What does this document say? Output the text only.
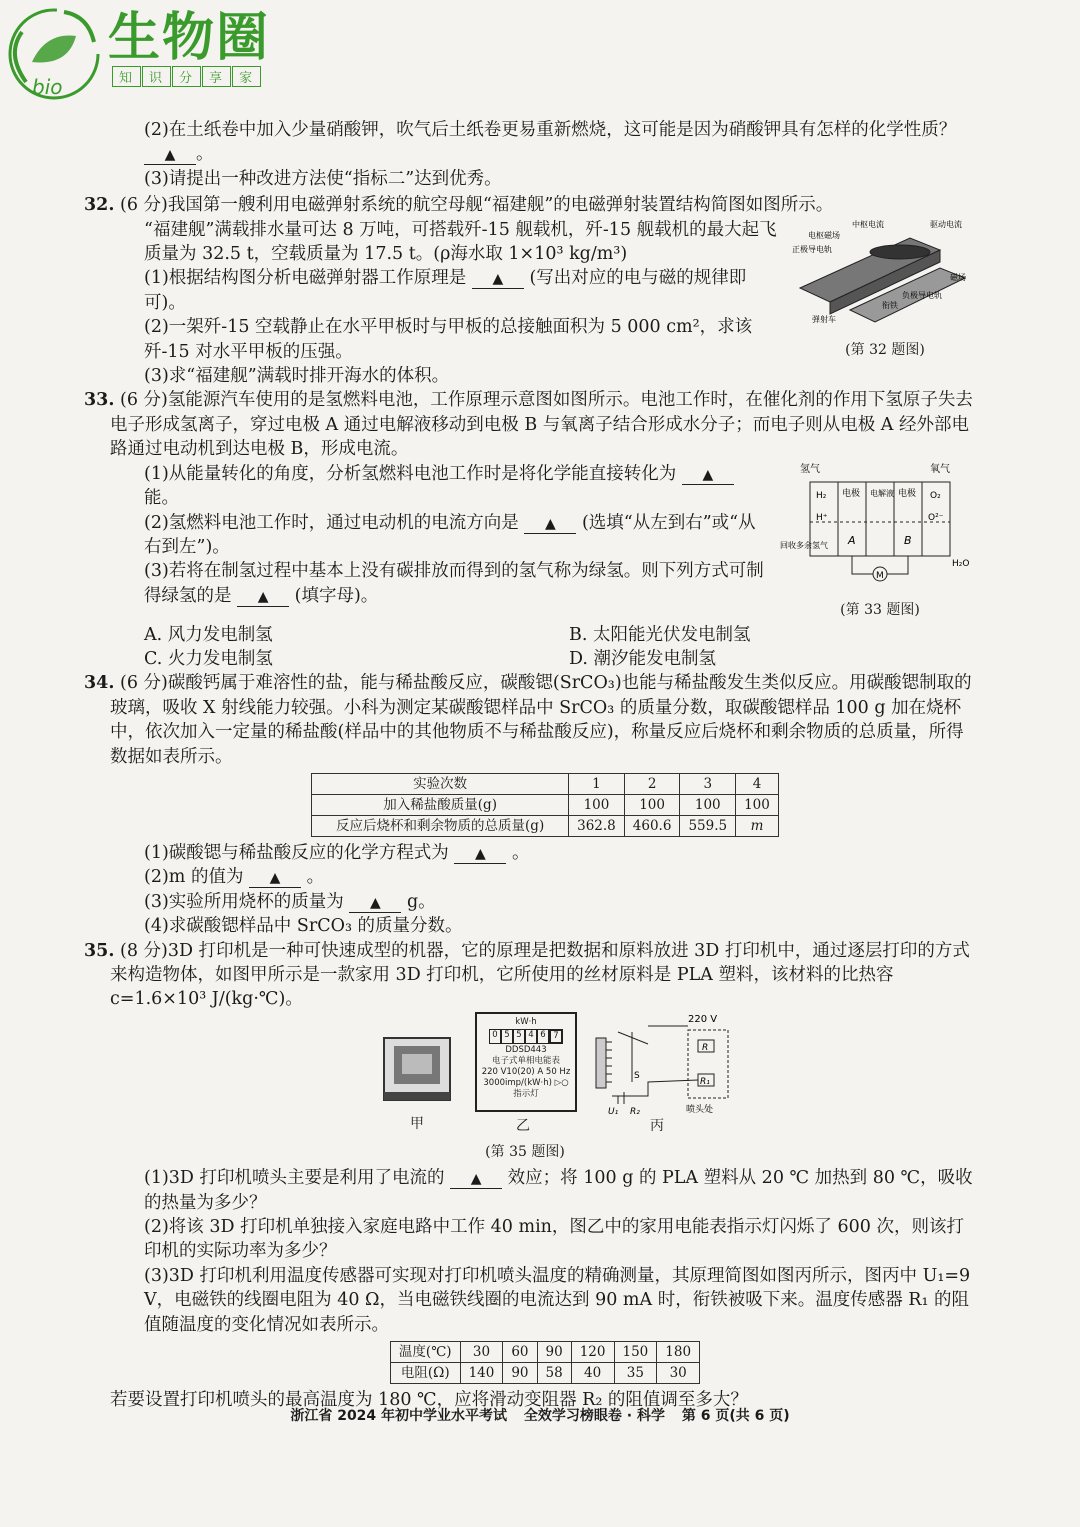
bio
生物圈
知 识 分 享 家

(2)在土纸卷中加入少量硝酸钾，吹气后土纸卷更易重新燃烧，这可能是因为硝酸钾具有怎样的化学性质？ ▲ 。

(3)请提出一种改进方法使“指标二”达到优秀。

32. (6 分)我国第一艘利用电磁弹射系统的航空母舰“福建舰”的电磁弹射装置结构简图如图所示。

中枢电流	驱动电流
电枢磁场
正极导电轨
磁场
负极导电轨
衔铁
弹射车
(第 32 题图)

“福建舰”满载排水量可达 8 万吨，可搭载歼-15 舰载机，歼-15 舰载机的最大起飞质量为 32.5 t，空载质量为 17.5 t。(ρ海水取 1×10³ kg/m³)

(1)根据结构图分析电磁弹射器工作原理是 ▲ (写出对应的电与磁的规律即可)。

(2)一架歼-15 空载静止在水平甲板时与甲板的总接触面积为 5 000 cm²，求该歼-15 对水平甲板的压强。

(3)求“福建舰”满载时排开海水的体积。

33. (6 分)氢能源汽车使用的是氢燃料电池，工作原理示意图如图所示。电池工作时，在催化剂的作用下氢原子失去电子形成氢离子，穿过电极 A 通过电解液移动到电极 B 与氧离子结合形成水分子；而电子则从电极 A 经外部电路通过电动机到达电极 B，形成电流。

氢气	氧气
H₂	O₂
电极 电解液 电极
H⁺	O²⁻
A	B
M
回收多余氢气
H₂O
(第 33 题图)

(1)从能量转化的角度，分析氢燃料电池工作时是将化学能直接转化为 ▲ 能。

(2)氢燃料电池工作时，通过电动机的电流方向是 ▲ (选填“从左到右”或“从右到左”)。

(3)若将在制氢过程中基本上没有碳排放而得到的氢气称为绿氢。则下列方式可制得绿氢的是 ▲ (填字母)。

A. 风力发电制氢	B. 太阳能光伏发电制氢
C. 火力发电制氢	D. 潮汐能发电制氢

34. (6 分)碳酸钙属于难溶性的盐，能与稀盐酸反应，碳酸锶(SrCO₃)也能与稀盐酸发生类似反应。用碳酸锶制取的玻璃，吸收 X 射线能力较强。小科为测定某碳酸锶样品中 SrCO₃ 的质量分数，取碳酸锶样品 100 g 加在烧杯中，依次加入一定量的稀盐酸(样品中的其他物质不与稀盐酸反应)，称量反应后烧杯和剩余物质的总质量，所得数据如表所示。

实验次数	1	2	3	4
加入稀盐酸质量(g)	100	100	100	100
反应后烧杯和剩余物质的总质量(g)	362.8	460.6	559.5	m

(1)碳酸锶与稀盐酸反应的化学方程式为 ▲ 。

(2)m 的值为 ▲ 。

(3)实验所用烧杯的质量为 ▲ g。

(4)求碳酸锶样品中 SrCO₃ 的质量分数。

35. (8 分)3D 打印机是一种可快速成型的机器，它的原理是把数据和原料放进 3D 打印机中，通过逐层打印的方式来构造物体，如图甲所示是一款家用 3D 打印机，它所使用的丝材原料是 PLA 塑料，该材料的比热容 c=1.6×10³ J/(kg·℃)。

甲
kW·h
0 5 5 4 6 7
DDSD443
电子式单相电能表
220 V10(20) A 50 Hz
3000imp/(kW·h) ▷○
指示灯
乙
220 V
R
R₁
S
U₁ R₂	喷头处
丙
(第 35 题图)

(1)3D 打印机喷头主要是利用了电流的 ▲ 效应；将 100 g 的 PLA 塑料从 20 ℃ 加热到 80 ℃，吸收的热量为多少？

(2)将该 3D 打印机单独接入家庭电路中工作 40 min，图乙中的家用电能表指示灯闪烁了 600 次，则该打印机的实际功率为多少？

(3)3D 打印机利用温度传感器可实现对打印机喷头温度的精确测量，其原理简图如图丙所示，图丙中 U₁=9 V，电磁铁的线圈电阻为 40 Ω，当电磁铁线圈的电流达到 90 mA 时，衔铁被吸下来。温度传感器 R₁ 的阻值随温度的变化情况如表所示。

温度(℃)	30	60	90	120	150	180
电阻(Ω)	140	90	58	40	35	30

若要设置打印机喷头的最高温度为 180 ℃，应将滑动变阻器 R₂ 的阻值调至多大？

浙江省 2024 年初中学业水平考试 全效学习榜眼卷 · 科学 第 6 页(共 6 页)
